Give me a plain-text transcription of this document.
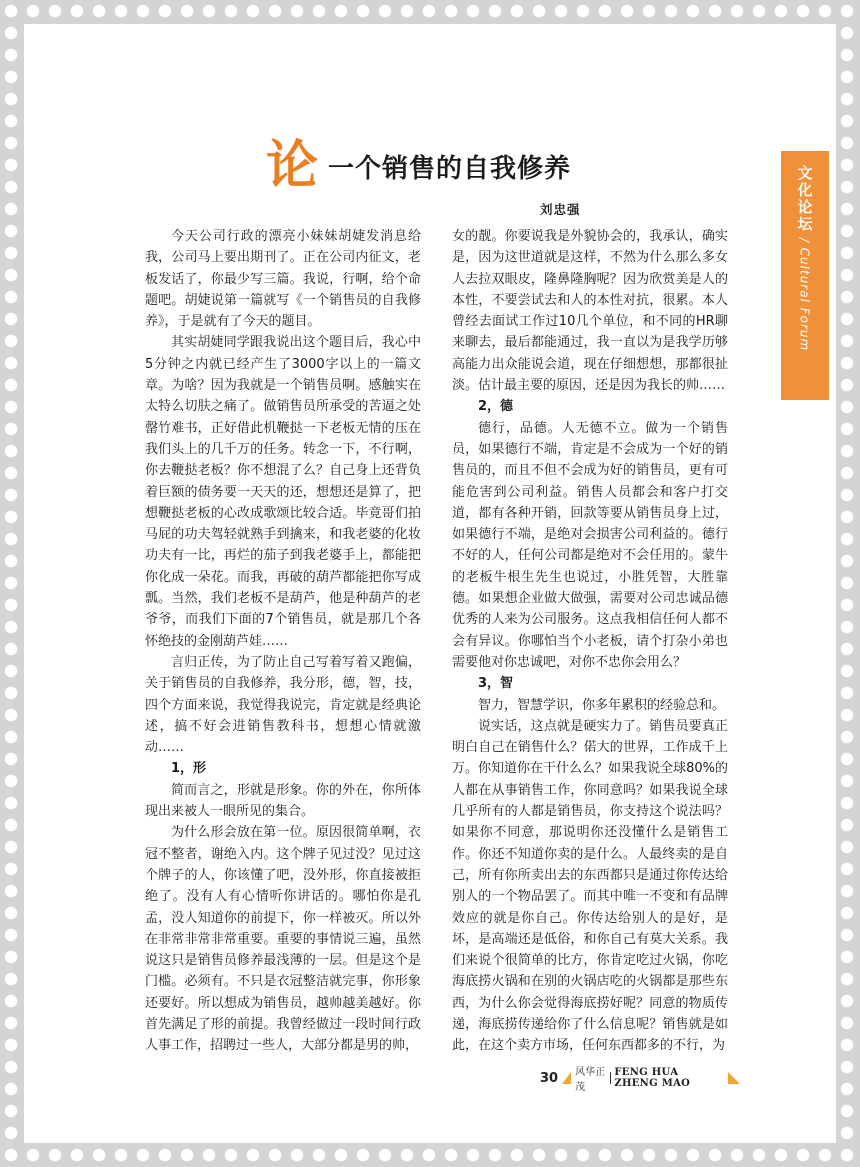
文化论坛 / Cultural Forum
论 一个销售的自我修养
刘忠强

今天公司行政的漂亮小妹妹胡婕发消息给我，公司马上要出期刊了。正在公司内征文，老板发话了，你最少写三篇。我说，行啊，给个命题吧。胡婕说第一篇就写《一个销售员的自我修养》，于是就有了今天的题目。

其实胡婕同学跟我说出这个题目后，我心中5分钟之内就已经产生了3000字以上的一篇文章。为啥？因为我就是一个销售员啊。感触实在太特么切肤之痛了。做销售员所承受的苦逼之处罄竹难书，正好借此机鞭挞一下老板无情的压在我们头上的几千万的任务。转念一下，不行啊，你去鞭挞老板？你不想混了么？自己身上还背负着巨额的债务要一天天的还，想想还是算了，把想鞭挞老板的心改成歌颂比较合适。毕竟哥们拍马屁的功夫驾轻就熟手到擒来，和我老婆的化妆功夫有一比，再烂的茄子到我老婆手上，都能把你化成一朵花。而我，再破的葫芦都能把你写成瓢。当然，我们老板不是葫芦，他是种葫芦的老爷爷，而我们下面的7个销售员，就是那几个各怀绝技的金刚葫芦娃……

言归正传，为了防止自己写着写着又跑偏，关于销售员的自我修养，我分形，德，智，技，四个方面来说，我觉得我说完，肯定就是经典论述，搞不好会进销售教科书，想想心情就激动……

1，形

简而言之，形就是形象。你的外在，你所体现出来被人一眼所见的集合。

为什么形会放在第一位。原因很简单啊，衣冠不整者，谢绝入内。这个牌子见过没？见过这个牌子的人，你该懂了吧，没外形，你直接被拒绝了。没有人有心情听你讲话的。哪怕你是孔孟，没人知道你的前提下，你一样被灭。所以外在非常非常非常重要。重要的事情说三遍，虽然说这只是销售员修养最浅薄的一层。但是这个是门槛。必须有。不只是衣冠整洁就完事，你形象还要好。所以想成为销售员，越帅越美越好。你首先满足了形的前提。我曾经做过一段时间行政人事工作，招聘过一些人，大部分都是男的帅，

女的靓。你要说我是外貌协会的，我承认，确实是，因为这世道就是这样，不然为什么那么多女人去拉双眼皮，隆鼻隆胸呢？因为欣赏美是人的本性，不要尝试去和人的本性对抗，很累。本人曾经去面试工作过10几个单位，和不同的HR聊来聊去，最后都能通过，我一直以为是我学历够高能力出众能说会道，现在仔细想想，那都很扯淡。估计最主要的原因，还是因为我长的帅……

2，德

德行，品德。人无德不立。做为一个销售员，如果德行不端，肯定是不会成为一个好的销售员的，而且不但不会成为好的销售员，更有可能危害到公司利益。销售人员都会和客户打交道，都有各种开销，回款等要从销售员身上过，如果德行不端，是绝对会损害公司利益的。德行不好的人，任何公司都是绝对不会任用的。蒙牛的老板牛根生先生也说过，小胜凭智，大胜靠德。如果想企业做大做强，需要对公司忠诚品德优秀的人来为公司服务。这点我相信任何人都不会有异议。你哪怕当个小老板，请个打杂小弟也需要他对你忠诚吧，对你不忠你会用么？

3，智

智力，智慧学识，你多年累积的经验总和。

说实话，这点就是硬实力了。销售员要真正明白自己在销售什么？偌大的世界，工作成千上万。你知道你在干什么么？如果我说全球80%的人都在从事销售工作，你同意吗？如果我说全球几乎所有的人都是销售员，你支持这个说法吗？如果你不同意，那说明你还没懂什么是销售工作。你还不知道你卖的是什么。人最终卖的是自己，所有你所卖出去的东西都只是通过你传达给别人的一个物品罢了。而其中唯一不变和有品牌效应的就是你自己。你传达给别人的是好，是坏，是高端还是低俗，和你自己有莫大关系。我们来说个很简单的比方，你肯定吃过火锅，你吃海底捞火锅和在别的火锅店吃的火锅都是那些东西，为什么你会觉得海底捞好呢？同意的物质传递，海底捞传递给你了什么信息呢？销售就是如此，在这个卖方市场，任何东西都多的不行，为

30 风华正茂
FENG HUA ZHENG MAO
